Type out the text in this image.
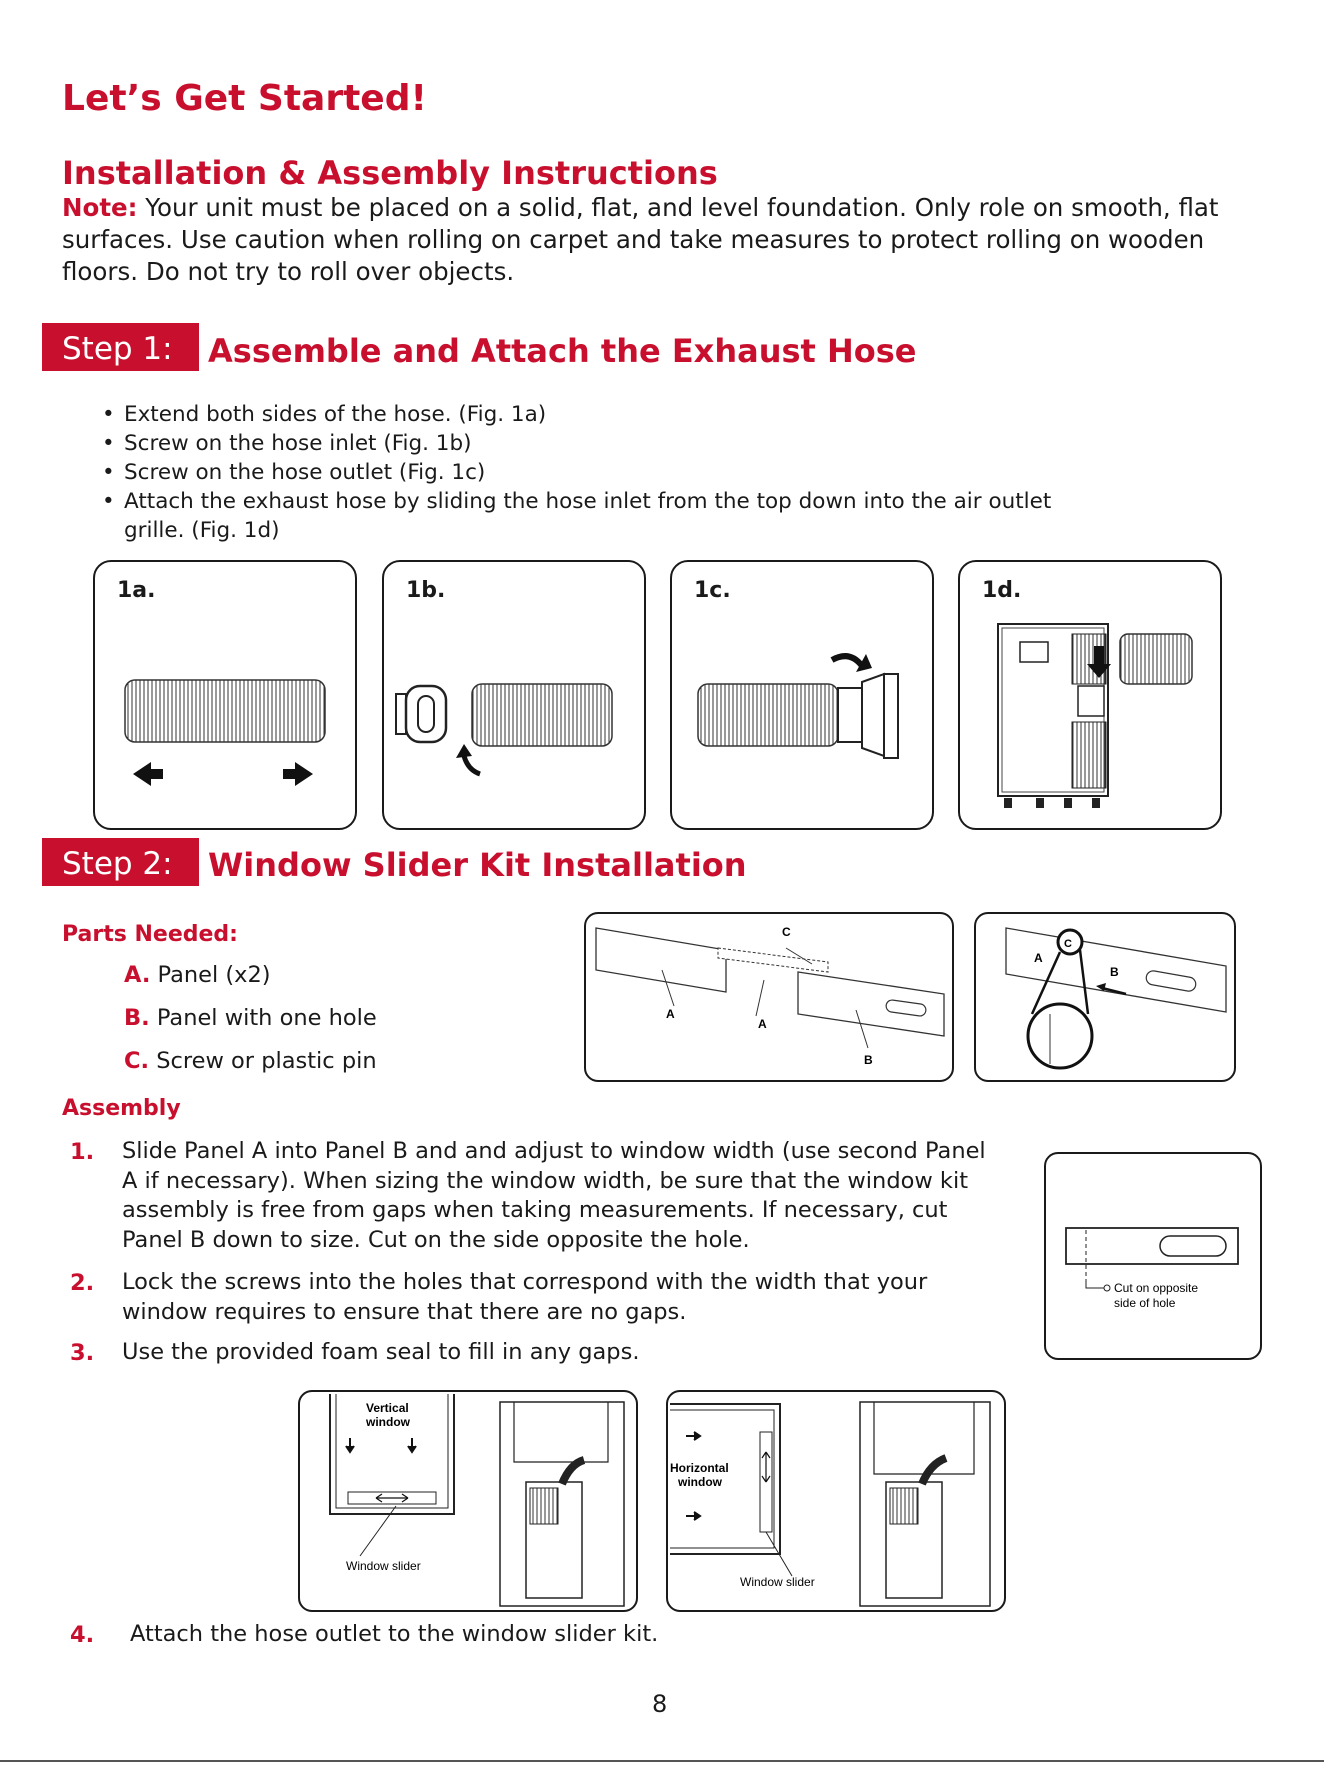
Let’s Get Started!
Installation & Assembly Instructions

Note: Your unit must be placed on a solid, flat, and level foundation. Only role on smooth, flat surfaces. Use caution when rolling on carpet and take measures to protect rolling on wooden floors. Do not try to roll over objects.

Step 1:	Assemble and Attach the Exhaust Hose
• Extend both sides of the hose. (Fig. 1a)
• Screw on the hose inlet (Fig. 1b)
• Screw on the hose outlet (Fig. 1c)
• Attach the exhaust hose by sliding the hose inlet from the top down into the air outlet grille. (Fig. 1d)
1a.	1b.	1c.	1d.
Step 2:	Window Slider Kit Installation
Parts Needed:
A. Panel (x2)
B. Panel with one hole
C. Screw or plastic pin
C
A
A
B
C
A
B
Assembly
1. Slide Panel A into Panel B and and adjust to window width (use second Panel A if necessary). When sizing the window width, be sure that the window kit assembly is free from gaps when taking measurements. If necessary, cut Panel B down to size. Cut on the side opposite the hole.
2. Lock the screws into the holes that correspond with the width that your window requires to ensure that there are no gaps.
3. Use the provided foam seal to fill in any gaps.
Cut on opposite
side of hole
Vertical
window
Window slider
Horizontal
window
Window slider
4. Attach the hose outlet to the window slider kit.
8
